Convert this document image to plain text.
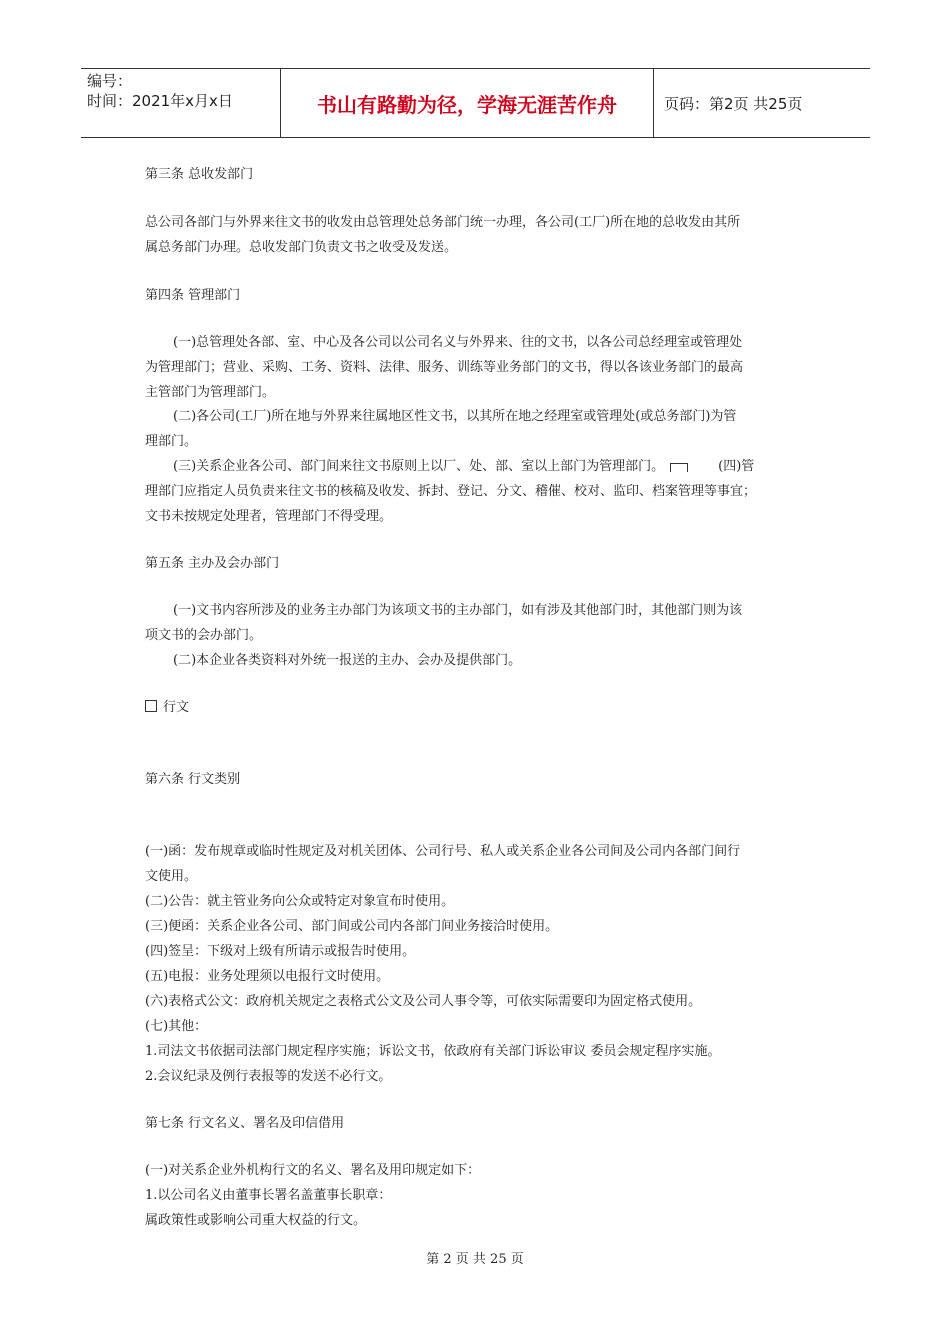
编号：
时间：2021年x月x日	书山有路勤为径，学海无涯苦作舟	页码：第2页 共25页
第三条 总收发部门
总公司各部门与外界来往文书的收发由总管理处总务部门统一办理，各公司(工厂)所在地的总收发由其所
属总务部门办理。总收发部门负责文书之收受及发送。
第四条 管理部门
(一)总管理处各部、室、中心及各公司以公司名义与外界来、往的文书，以各公司总经理室或管理处
为管理部门；营业、采购、工务、资料、法律、服务、训练等业务部门的文书，得以各该业务部门的最高
主管部门为管理部门。
(二)各公司(工厂)所在地与外界来往属地区性文书，以其所在地之经理室或管理处(或总务部门)为管
理部门。
(三)关系企业各公司、部门间来往文书原则上以厂、处、部、室以上部门为管理部门。	(四)管
理部门应指定人员负责来往文书的核稿及收发、拆封、登记、分文、稽催、校对、监印、档案管理等事宜；
文书未按规定处理者，管理部门不得受理。
第五条 主办及会办部门
(一)文书内容所涉及的业务主办部门为该项文书的主办部门，如有涉及其他部门时，其他部门则为该
项文书的会办部门。
(二)本企业各类资料对外统一报送的主办、会办及提供部门。
行文
第六条 行文类别
(一)函：发布规章或临时性规定及对机关团体、公司行号、私人或关系企业各公司间及公司内各部门间行
文使用。
(二)公告：就主管业务向公众或特定对象宣布时使用。
(三)便函：关系企业各公司、部门间或公司内各部门间业务接洽时使用。
(四)签呈：下级对上级有所请示或报告时使用。
(五)电报：业务处理须以电报行文时使用。
(六)表格式公文：政府机关规定之表格式公文及公司人事令等，可依实际需要印为固定格式使用。
(七)其他：
1.司法文书依据司法部门规定程序实施；诉讼文书，依政府有关部门诉讼审议 委员会规定程序实施。
2.会议纪录及例行表报等的发送不必行文。
第七条 行文名义、署名及印信借用
(一)对关系企业外机构行文的名义、署名及用印规定如下：
1.以公司名义由董事长署名盖董事长职章：
属政策性或影响公司重大权益的行文。
第 2 页 共 25 页
